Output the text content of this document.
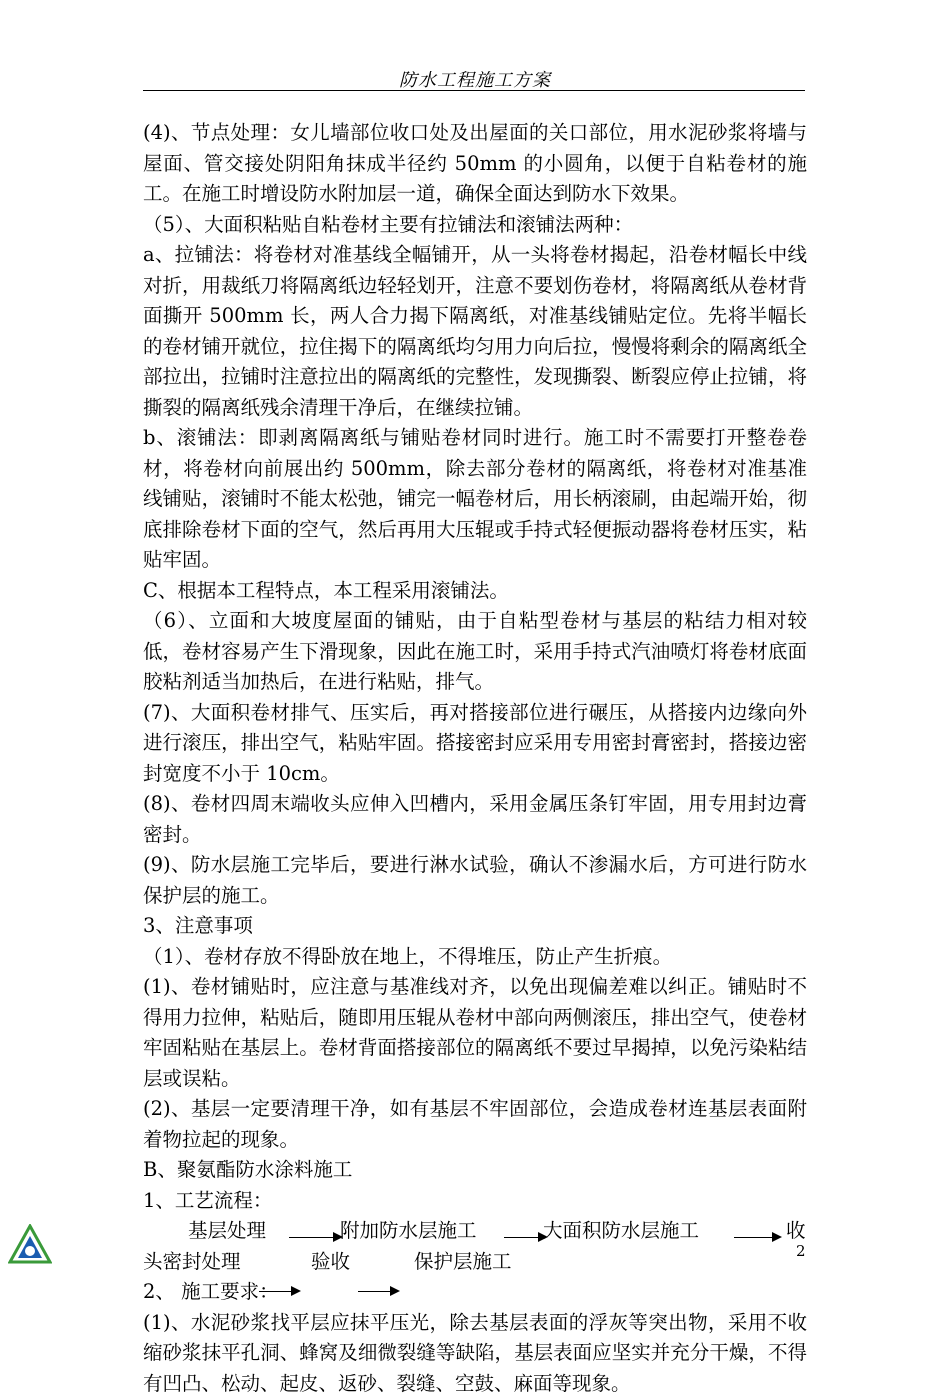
防水工程施工方案

(4)、节点处理：女儿墙部位收口处及出屋面的关口部位，用水泥砂浆将墙与屋面、管交接处阴阳角抹成半径约 50mm 的小圆角，以便于自粘卷材的施工。在施工时增设防水附加层一道，确保全面达到防水下效果。

（5）、大面积粘贴自粘卷材主要有拉铺法和滚铺法两种：

a、拉铺法：将卷材对准基线全幅铺开，从一头将卷材揭起，沿卷材幅长中线对折，用裁纸刀将隔离纸边轻轻划开，注意不要划伤卷材，将隔离纸从卷材背面撕开 500mm 长，两人合力揭下隔离纸，对准基线铺贴定位。先将半幅长的卷材铺开就位，拉住揭下的隔离纸均匀用力向后拉，慢慢将剩余的隔离纸全部拉出，拉铺时注意拉出的隔离纸的完整性，发现撕裂、断裂应停止拉铺，将撕裂的隔离纸残余清理干净后，在继续拉铺。

b、滚铺法：即剥离隔离纸与铺贴卷材同时进行。施工时不需要打开整卷卷材，将卷材向前展出约 500mm，除去部分卷材的隔离纸，将卷材对准基准线铺贴，滚铺时不能太松弛，铺完一幅卷材后，用长柄滚刷，由起端开始，彻底排除卷材下面的空气，然后再用大压辊或手持式轻便振动器将卷材压实，粘贴牢固。

C、根据本工程特点，本工程采用滚铺法。

（6）、立面和大坡度屋面的铺贴，由于自粘型卷材与基层的粘结力相对较低，卷材容易产生下滑现象，因此在施工时，采用手持式汽油喷灯将卷材底面胶粘剂适当加热后，在进行粘贴，排气。

(7)、大面积卷材排气、压实后，再对搭接部位进行碾压，从搭接内边缘向外进行滚压，排出空气，粘贴牢固。搭接密封应采用专用密封膏密封，搭接边密封宽度不小于 10cm。

(8)、卷材四周末端收头应伸入凹槽内，采用金属压条钉牢固，用专用封边膏密封。

(9)、防水层施工完毕后，要进行淋水试验，确认不渗漏水后，方可进行防水保护层的施工。

3、注意事项

（1）、卷材存放不得卧放在地上，不得堆压，防止产生折痕。

(1)、卷材铺贴时，应注意与基准线对齐，以免出现偏差难以纠正。铺贴时不得用力拉伸，粘贴后，随即用压辊从卷材中部向两侧滚压，排出空气，使卷材牢固粘贴在基层上。卷材背面搭接部位的隔离纸不要过早揭掉，以免污染粘结层或误粘。

(2)、基层一定要清理干净，如有基层不牢固部位，会造成卷材连基层表面附着物拉起的现象。

B、聚氨酯防水涂料施工

1、工艺流程：

基层处理	附加防水层施工	大面积防水层施工	收
头密封处理	验收	保护层施工

2、 施工要求：

(1)、水泥砂浆找平层应抹平压光，除去基层表面的浮灰等突出物，采用不收缩砂浆抹平孔洞、蜂窝及细微裂缝等缺陷，基层表面应坚实并充分干燥，不得有凹凸、松动、起皮、返砂、裂缝、空鼓、麻面等现象。

2
